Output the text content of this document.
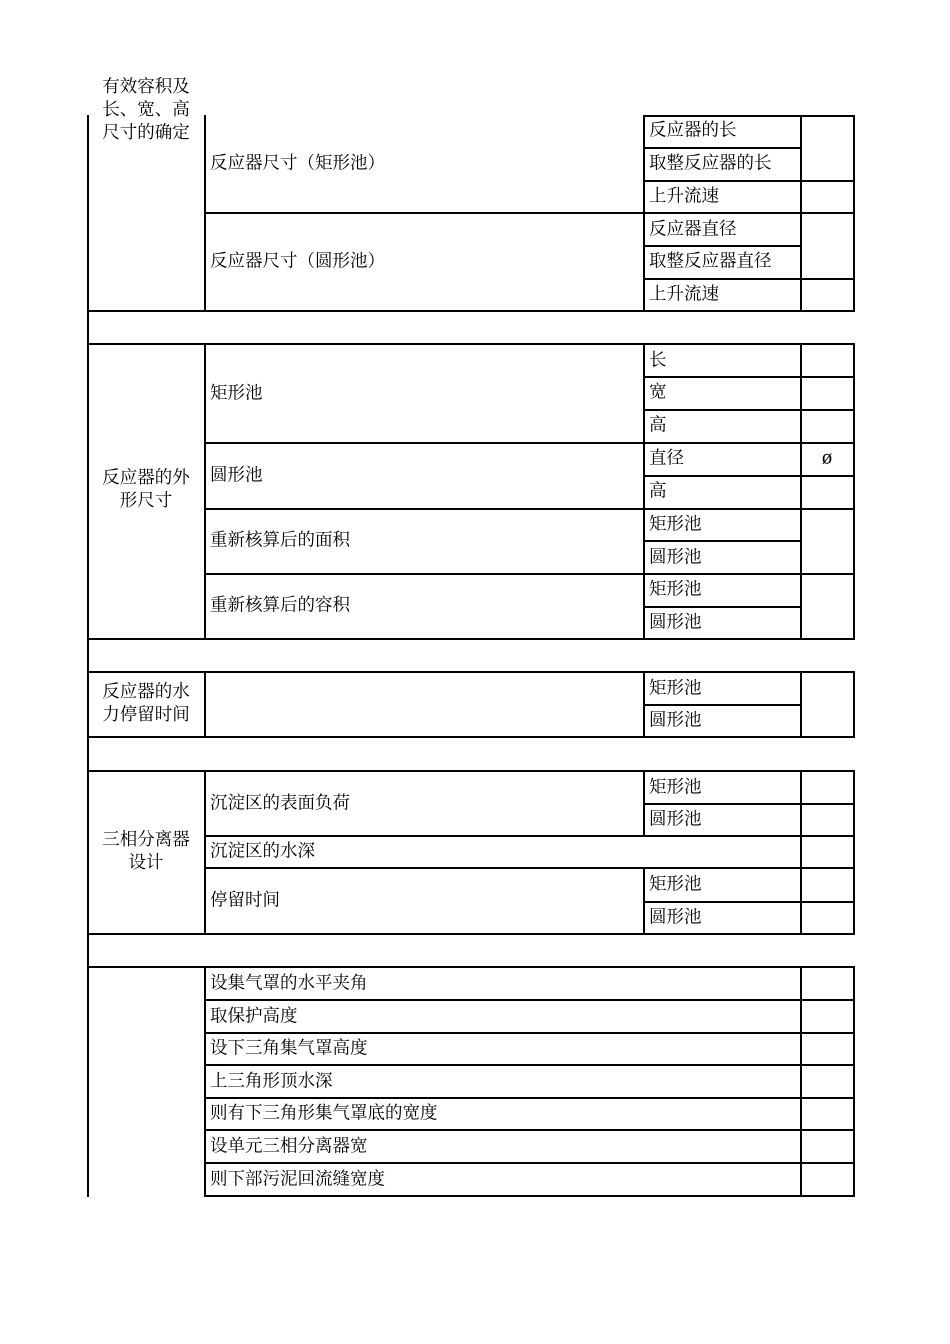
有效容积及
长、宽、高
尺寸的确定
反应器尺寸（矩形池）
反应器的长
取整反应器的长
上升流速
反应器尺寸（圆形池）
反应器直径
取整反应器直径
上升流速
反应器的外
形尺寸
矩形池
长
宽
高
圆形池
直径	ø
高
重新核算后的面积
矩形池
圆形池
重新核算后的容积
矩形池
圆形池
反应器的水
力停留时间
矩形池
圆形池
三相分离器
设计
沉淀区的表面负荷
矩形池
圆形池
沉淀区的水深
停留时间
矩形池
圆形池
设集气罩的水平夹角
取保护高度
设下三角集气罩高度
上三角形顶水深
则有下三角形集气罩底的宽度
设单元三相分离器宽
则下部污泥回流缝宽度
